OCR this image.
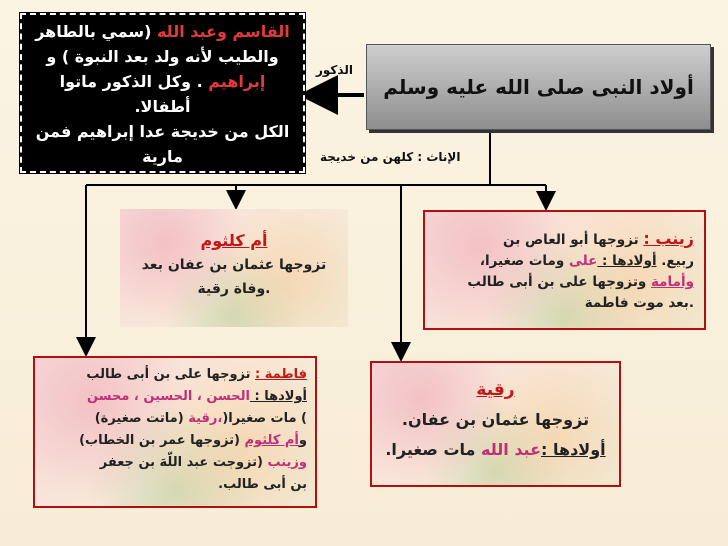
أولاد النبى صلى الله عليه وسلم
الذكور
الإناث : كلهن من خديجة
القاسم وعبد الله (سمي بالطاهر
والطيب لأنه ولد بعد النبوة ) و
إبراهيم . وكل الذكور ماتوا أطفالا.
الكل من خديجة عدا إبراهيم فمن
مارية
زينب : تزوجها أبو العاص بن
ربيع. أولادها : على ومات صغيرا،
وأمامة وتزوجها على بن أبى طالب
.بعد موت فاطمة
أم كلثوم
تزوجها عثمان بن عفان بعد
.وفاة رقية
رقية
تزوجها عثمان بن عفان.
أولادها :عبد الله مات صغيرا.
فاطمة : تزوجها على بن أبى طالب
أولادها : الحسن ، الحسين ، محسن
) مات صغيرا(،رقية (ماتت صغيرة)
وأم كلثوم (تزوجها عمر بن الخطاب)
وزينب (تزوجت عبد اللّهَ بن جعفر
بن أبى طالب.
